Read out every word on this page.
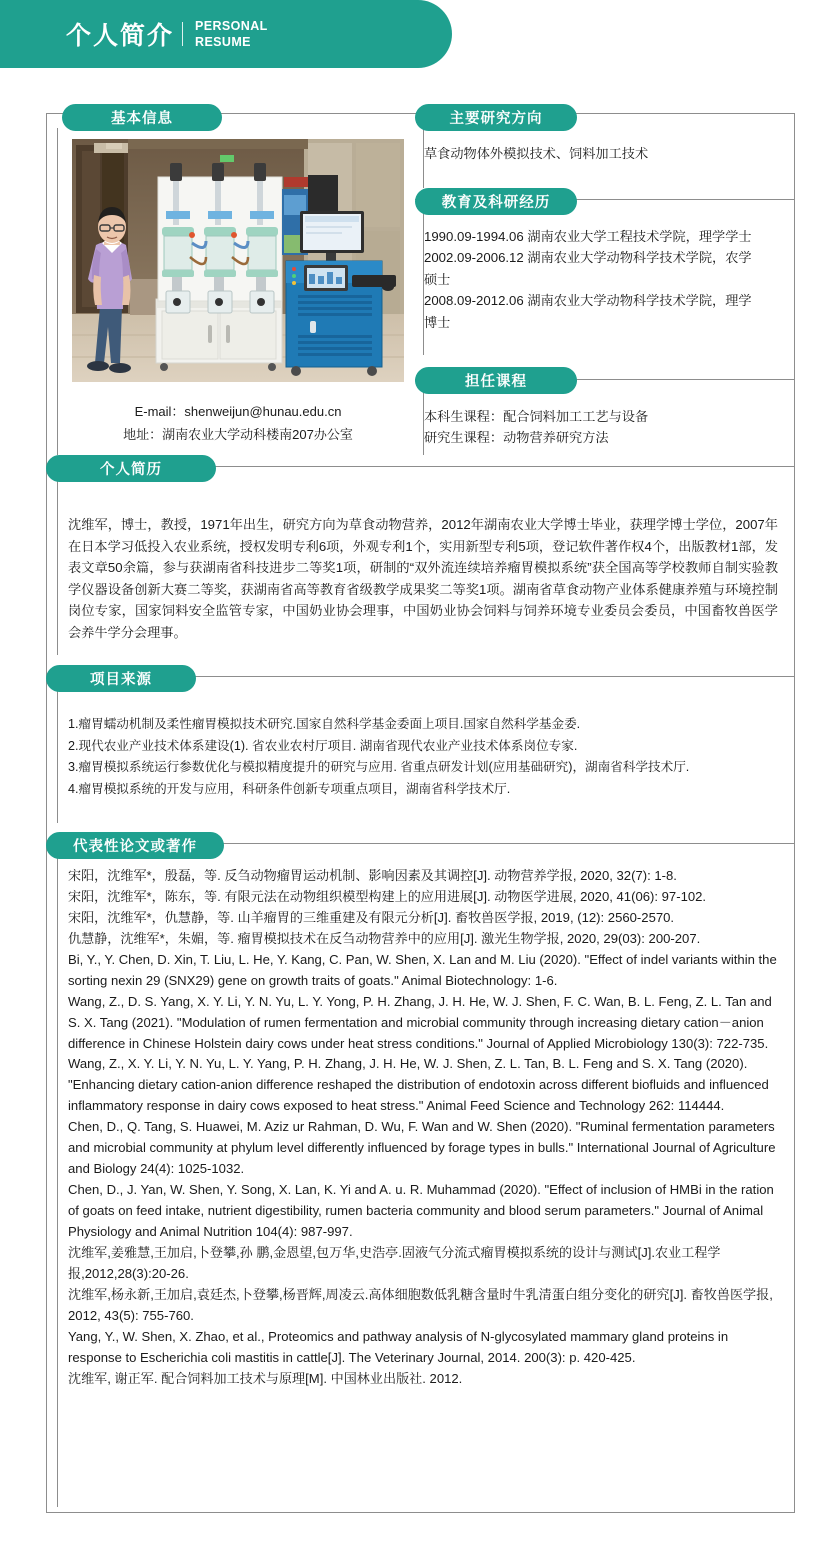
个人简介 PERSONAL
RESUME
基本信息
E-mail：shenweijun@hunau.edu.cn
地址：湖南农业大学动科楼南207办公室
主要研究方向
草食动物体外模拟技术、饲料加工技术
教育及科研经历

1990.09-1994.06 湖南农业大学工程技术学院，理学学士

2002.09-2006.12 湖南农业大学动物科学技术学院，农学硕士

2008.09-2012.06 湖南农业大学动物科学技术学院，理学博士

担任课程

本科生课程：配合饲料加工工艺与设备

研究生课程：动物营养研究方法

个人简历
沈维军，博士，教授，1971年出生，研究方向为草食动物营养，2012年湖南农业大学博士毕业，获理学博士学位，2007年在日本学习低投入农业系统，授权发明专利6项，外观专利1个，实用新型专利5项，登记软件著作权4个，出版教材1部，发表文章50余篇，参与获湖南省科技进步二等奖1项，研制的“双外流连续培养瘤胃模拟系统”获全国高等学校教师自制实验教学仪器设备创新大赛二等奖，获湖南省高等教育省级教学成果奖二等奖1项。湖南省草食动物产业体系健康养殖与环境控制岗位专家，国家饲料安全监管专家，中国奶业协会理事，中国奶业协会饲料与饲养环境专业委员会委员，中国畜牧兽医学会养牛学分会理事。
项目来源

1.瘤胃蠕动机制及柔性瘤胃模拟技术研究.国家自然科学基金委面上项目.国家自然科学基金委.

2.现代农业产业技术体系建设(1). 省农业农村厅项目. 湖南省现代农业产业技术体系岗位专家.

3.瘤胃模拟系统运行参数优化与模拟精度提升的研究与应用. 省重点研发计划(应用基础研究)，湖南省科学技术厅.

4.瘤胃模拟系统的开发与应用，科研条件创新专项重点项目，湖南省科学技术厅.

代表性论文或著作

宋阳，沈维军*，殷磊，等. 反刍动物瘤胃运动机制、影响因素及其调控[J]. 动物营养学报, 2020, 32(7): 1-8.

宋阳，沈维军*，陈东，等. 有限元法在动物组织模型构建上的应用进展[J]. 动物医学进展, 2020, 41(06): 97-102.

宋阳，沈维军*，仇慧静，等. 山羊瘤胃的三维重建及有限元分析[J]. 畜牧兽医学报, 2019, (12): 2560-2570.

仇慧静，沈维军*，朱媚，等. 瘤胃模拟技术在反刍动物营养中的应用[J]. 激光生物学报, 2020, 29(03): 200-207.

Bi, Y., Y. Chen, D. Xin, T. Liu, L. He, Y. Kang, C. Pan, W. Shen, X. Lan and M. Liu (2020). "Effect of indel variants within the sorting nexin 29 (SNX29) gene on growth traits of goats." Animal Biotechnology: 1-6.

Wang, Z., D. S. Yang, X. Y. Li, Y. N. Yu, L. Y. Yong, P. H. Zhang, J. H. He, W. J. Shen, F. C. Wan, B. L. Feng, Z. L. Tan and S. X. Tang (2021). "Modulation of rumen fermentation and microbial community through increasing dietary cation－anion difference in Chinese Holstein dairy cows under heat stress conditions." Journal of Applied Microbiology 130(3): 722-735.

Wang, Z., X. Y. Li, Y. N. Yu, L. Y. Yang, P. H. Zhang, J. H. He, W. J. Shen, Z. L. Tan, B. L. Feng and S. X. Tang (2020). "Enhancing dietary cation-anion difference reshaped the distribution of endotoxin across different biofluids and influenced inflammatory response in dairy cows exposed to heat stress." Animal Feed Science and Technology 262: 114444.

Chen, D., Q. Tang, S. Huawei, M. Aziz ur Rahman, D. Wu, F. Wan and W. Shen (2020). "Ruminal fermentation parameters and microbial community at phylum level differently influenced by forage types in bulls." International Journal of Agriculture and Biology 24(4): 1025-1032.

Chen, D., J. Yan, W. Shen, Y. Song, X. Lan, K. Yi and A. u. R. Muhammad (2020). "Effect of inclusion of HMBi in the ration of goats on feed intake, nutrient digestibility, rumen bacteria community and blood serum parameters." Journal of Animal Physiology and Animal Nutrition 104(4): 987-997.

沈维军,姜雅慧,王加启,卜登攀,孙 鹏,金恩望,包万华,史浩亭.固液气分流式瘤胃模拟系统的设计与测试[J].农业工程学报,2012,28(3):20-26.

沈维军,杨永新,王加启,袁廷杰,卜登攀,杨晋辉,周凌云.高体细胞数低乳糖含量时牛乳清蛋白组分变化的研究[J]. 畜牧兽医学报, 2012, 43(5): 755-760.

Yang, Y., W. Shen, X. Zhao, et al., Proteomics and pathway analysis of N-glycosylated mammary gland proteins in response to Escherichia coli mastitis in cattle[J]. The Veterinary Journal, 2014. 200(3): p. 420-425.

沈维军, 谢正军. 配合饲料加工技术与原理[M]. 中国林业出版社. 2012.
